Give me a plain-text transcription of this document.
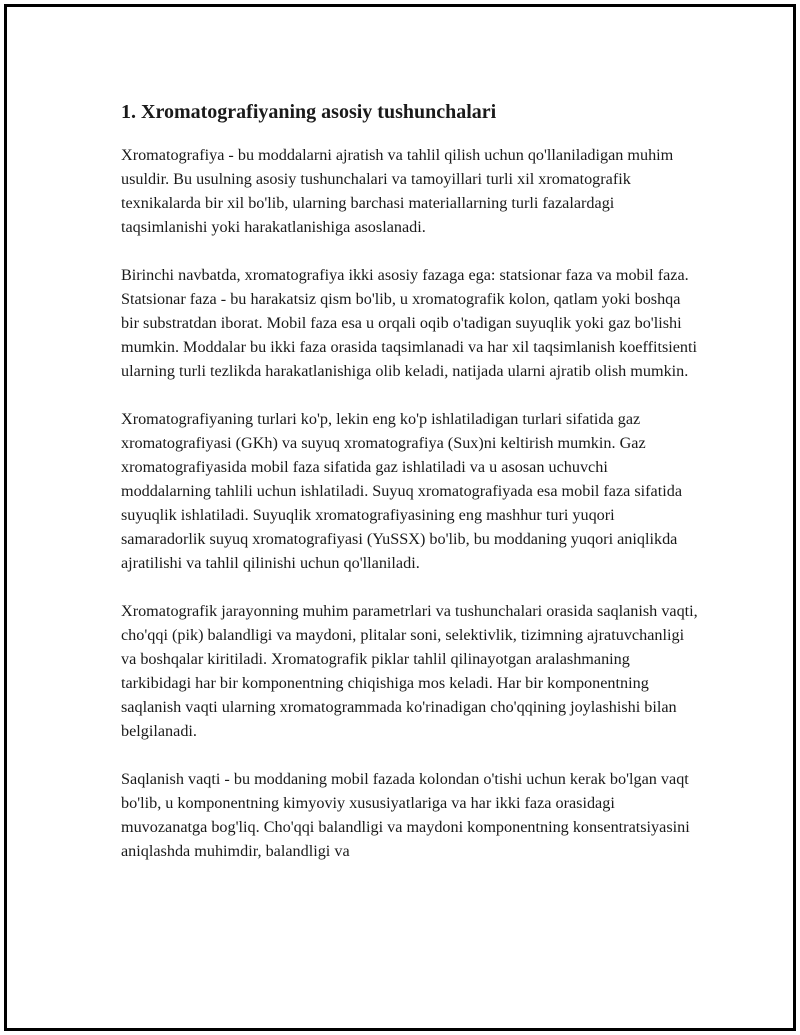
1. Xromatografiyaning asosiy tushunchalari

Xromatografiya - bu moddalarni ajratish va tahlil qilish uchun qo'llaniladigan muhim usuldir. Bu usulning asosiy tushunchalari va tamoyillari turli xil xromatografik texnikalarda bir xil bo'lib, ularning barchasi materiallarning turli fazalardagi taqsimlanishi yoki harakatlanishiga asoslanadi.

Birinchi navbatda, xromatografiya ikki asosiy fazaga ega: statsionar faza va mobil faza. Statsionar faza - bu harakatsiz qism bo'lib, u xromatografik kolon, qatlam yoki boshqa bir substratdan iborat. Mobil faza esa u orqali oqib o'tadigan suyuqlik yoki gaz bo'lishi mumkin. Moddalar bu ikki faza orasida taqsimlanadi va har xil taqsimlanish koeffitsienti ularning turli tezlikda harakatlanishiga olib keladi, natijada ularni ajratib olish mumkin.

Xromatografiyaning turlari ko'p, lekin eng ko'p ishlatiladigan turlari sifatida gaz xromatografiyasi (GKh) va suyuq xromatografiya (Sux)ni keltirish mumkin. Gaz xromatografiyasida mobil faza sifatida gaz ishlatiladi va u asosan uchuvchi moddalarning tahlili uchun ishlatiladi. Suyuq xromatografiyada esa mobil faza sifatida suyuqlik ishlatiladi. Suyuqlik xromatografiyasining eng mashhur turi yuqori samaradorlik suyuq xromatografiyasi (YuSSX) bo'lib, bu moddaning yuqori aniqlikda ajratilishi va tahlil qilinishi uchun qo'llaniladi.

Xromatografik jarayonning muhim parametrlari va tushunchalari orasida saqlanish vaqti, cho'qqi (pik) balandligi va maydoni, plitalar soni, selektivlik, tizimning ajratuvchanligi va boshqalar kiritiladi. Xromatografik piklar tahlil qilinayotgan aralashmaning tarkibidagi har bir komponentning chiqishiga mos keladi. Har bir komponentning saqlanish vaqti ularning xromatogrammada ko'rinadigan cho'qqining joylashishi bilan belgilanadi.

Saqlanish vaqti - bu moddaning mobil fazada kolondan o'tishi uchun kerak bo'lgan vaqt bo'lib, u komponentning kimyoviy xususiyatlariga va har ikki faza orasidagi muvozanatga bog'liq. Cho'qqi balandligi va maydoni komponentning konsentratsiyasini aniqlashda muhimdir, balandligi va
